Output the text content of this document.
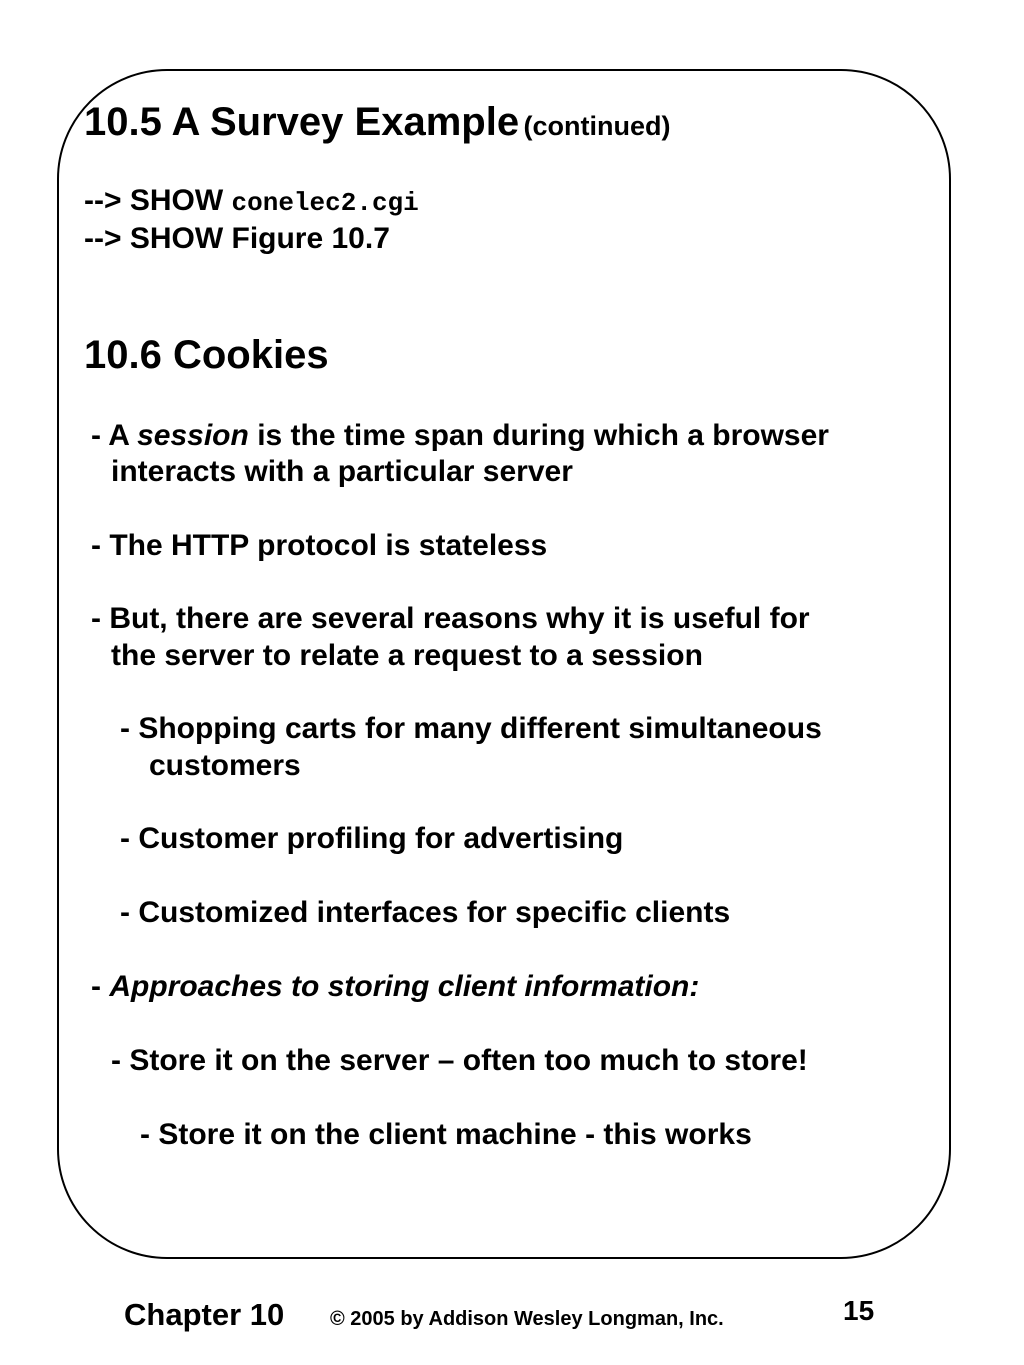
10.5 A Survey Example (continued)
--> SHOW conelec2.cgi
--> SHOW Figure 10.7
10.6 Cookies
- A session is the time span during which a browser
interacts with a particular server
- The HTTP protocol is stateless
- But, there are several reasons why it is useful for
the server to relate a request to a session
- Shopping carts for many different simultaneous
customers
- Customer profiling for advertising
- Customized interfaces for specific clients
- Approaches to storing client information:
- Store it on the server – often too much to store!
- Store it on the client machine - this works
Chapter 10 © 2005 by Addison Wesley Longman, Inc.	15
